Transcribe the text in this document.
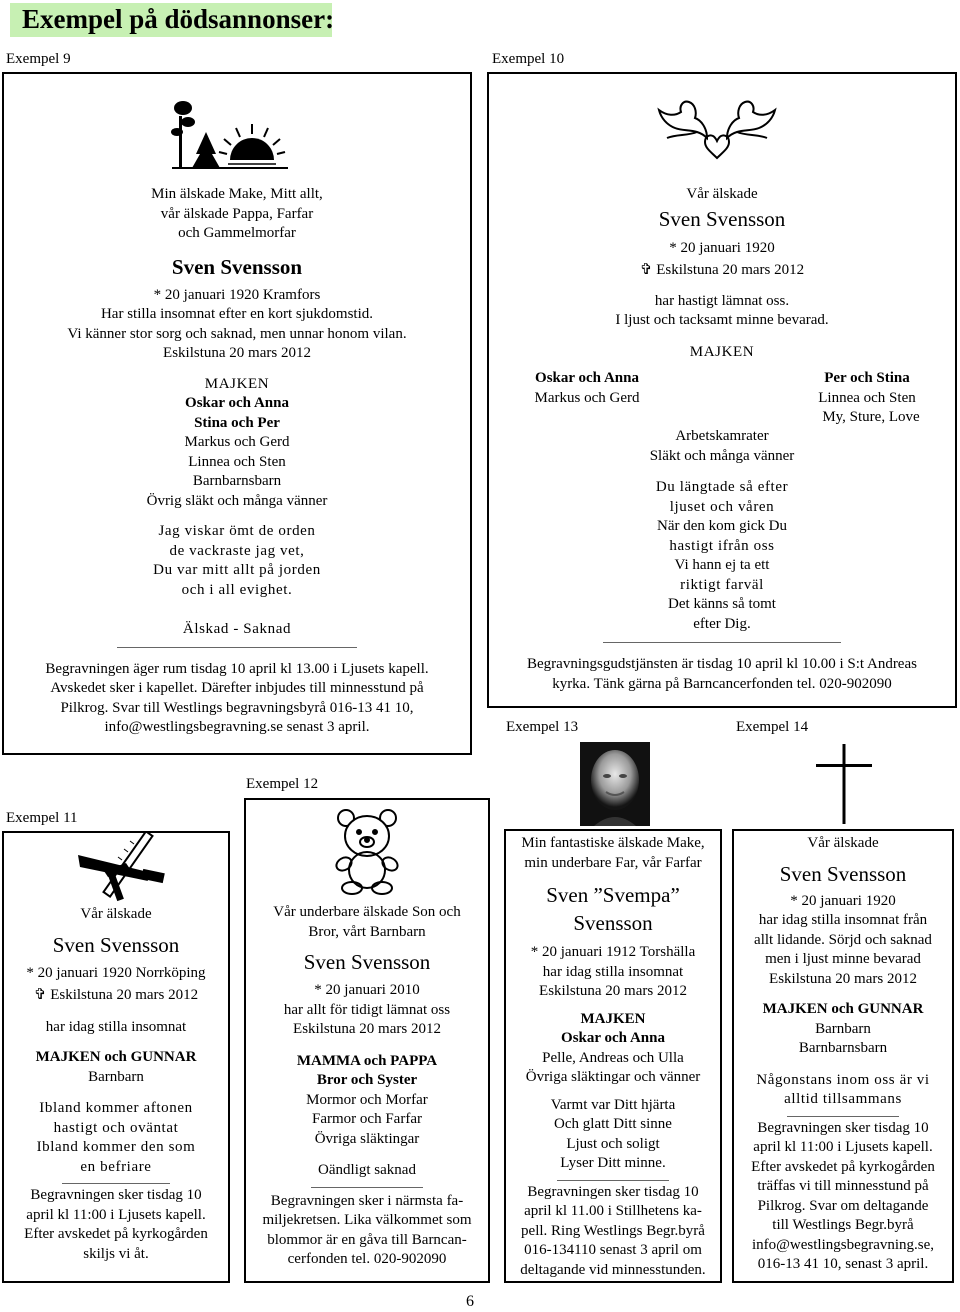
Exempel på dödsannonser:
Exempel 9
Min älskade Make, Mitt allt,
vår älskade Pappa, Farfar
och Gammelmorfar
Sven Svensson
* 20 januari 1920 Kramfors
Har stilla insomnat efter en kort sjukdomstid.
Vi känner stor sorg och saknad, men unnar honom vilan.
Eskilstuna 20 mars 2012
MAJKEN
Oskar och Anna
Stina och Per
Markus och Gerd
Linnea och Sten
Barnbarnsbarn
Övrig släkt och många vänner
Jag viskar ömt de orden
de vackraste jag vet,
Du var mitt allt på jorden
och i all evighet.
Älskad - Saknad
Begravningen äger rum tisdag 10 april kl 13.00 i Ljusets kapell.
Avskedet sker i kapellet. Därefter inbjudes till minnesstund på
Pilkrog. Svar till Westlings begravningsbyrå 016-13 41 10,
info@westlingsbegravning.se senast 3 april.
Exempel 10
Vår älskade
Sven Svensson
* 20 januari 1920
✞ Eskilstuna 20 mars 2012
har hastigt lämnat oss.
I ljust och tacksamt minne bevarad.
MAJKEN
Oskar och Anna
Markus och Gerd
Per och Stina
Linnea och Sten
My, Sture, Love
Arbetskamrater
Släkt och många vänner
Du längtade så efter
ljuset och våren
När den kom gick Du
hastigt ifrån oss
Vi hann ej ta ett
riktigt farväl
Det känns så tomt
efter Dig.
Begravningsgudstjänsten är tisdag 10 april kl 10.00 i S:t Andreas
kyrka. Tänk gärna på Barncancerfonden tel. 020-902090
Exempel 11
Vår älskade
Sven Svensson
* 20 januari 1920 Norrköping
✞ Eskilstuna 20 mars 2012
har idag stilla insomnat
MAJKEN och GUNNAR
Barnbarn
Ibland kommer aftonen
hastigt och oväntat
Ibland kommer den som
en befriare
Begravningen sker tisdag 10
april kl 11:00 i Ljusets kapell.
Efter avskedet på kyrkogården
skiljs vi åt.
Exempel 12
Vår underbare älskade Son och
Bror, vårt Barnbarn
Sven Svensson
* 20 januari 2010
har allt för tidigt lämnat oss
Eskilstuna 20 mars 2012
MAMMA och PAPPA
Bror och Syster
Mormor och Morfar
Farmor och Farfar
Övriga släktingar
Oändligt saknad
Begravningen sker i närmsta fa-
miljekretsen. Lika välkommet som
blommor är en gåva till Barncan-
cerfonden tel. 020-902090
Exempel 13
Min fantastiske älskade Make,
min underbare Far, vår Farfar
Sven ”Svempa”
Svensson
* 20 januari 1912 Torshälla
har idag stilla insomnat
Eskilstuna 20 mars 2012
MAJKEN
Oskar och Anna
Pelle, Andreas och Ulla
Övriga släktingar och vänner
Varmt var Ditt hjärta
Och glatt Ditt sinne
Ljust och soligt
Lyser Ditt minne.
Begravningen sker tisdag 10
april kl 11.00 i Stillhetens ka-
pell. Ring Westlings Begr.byrå
016-134110 senast 3 april om
deltagande vid minnesstunden.
Exempel 14
Vår älskade
Sven Svensson
* 20 januari 1920
har idag stilla insomnat från
allt lidande. Sörjd och saknad
men i ljust minne bevarad
Eskilstuna 20 mars 2012
MAJKEN och GUNNAR
Barnbarn
Barnbarnsbarn
Någonstans inom oss är vi
alltid tillsammans
Begravningen sker tisdag 10
april kl 11:00 i Ljusets kapell.
Efter avskedet på kyrkogården
träffas vi till minnesstund på
Pilkrog. Svar om deltagande
till Westlings Begr.byrå
info@westlingsbegravning.se,
016-13 41 10, senast 3 april.
6
